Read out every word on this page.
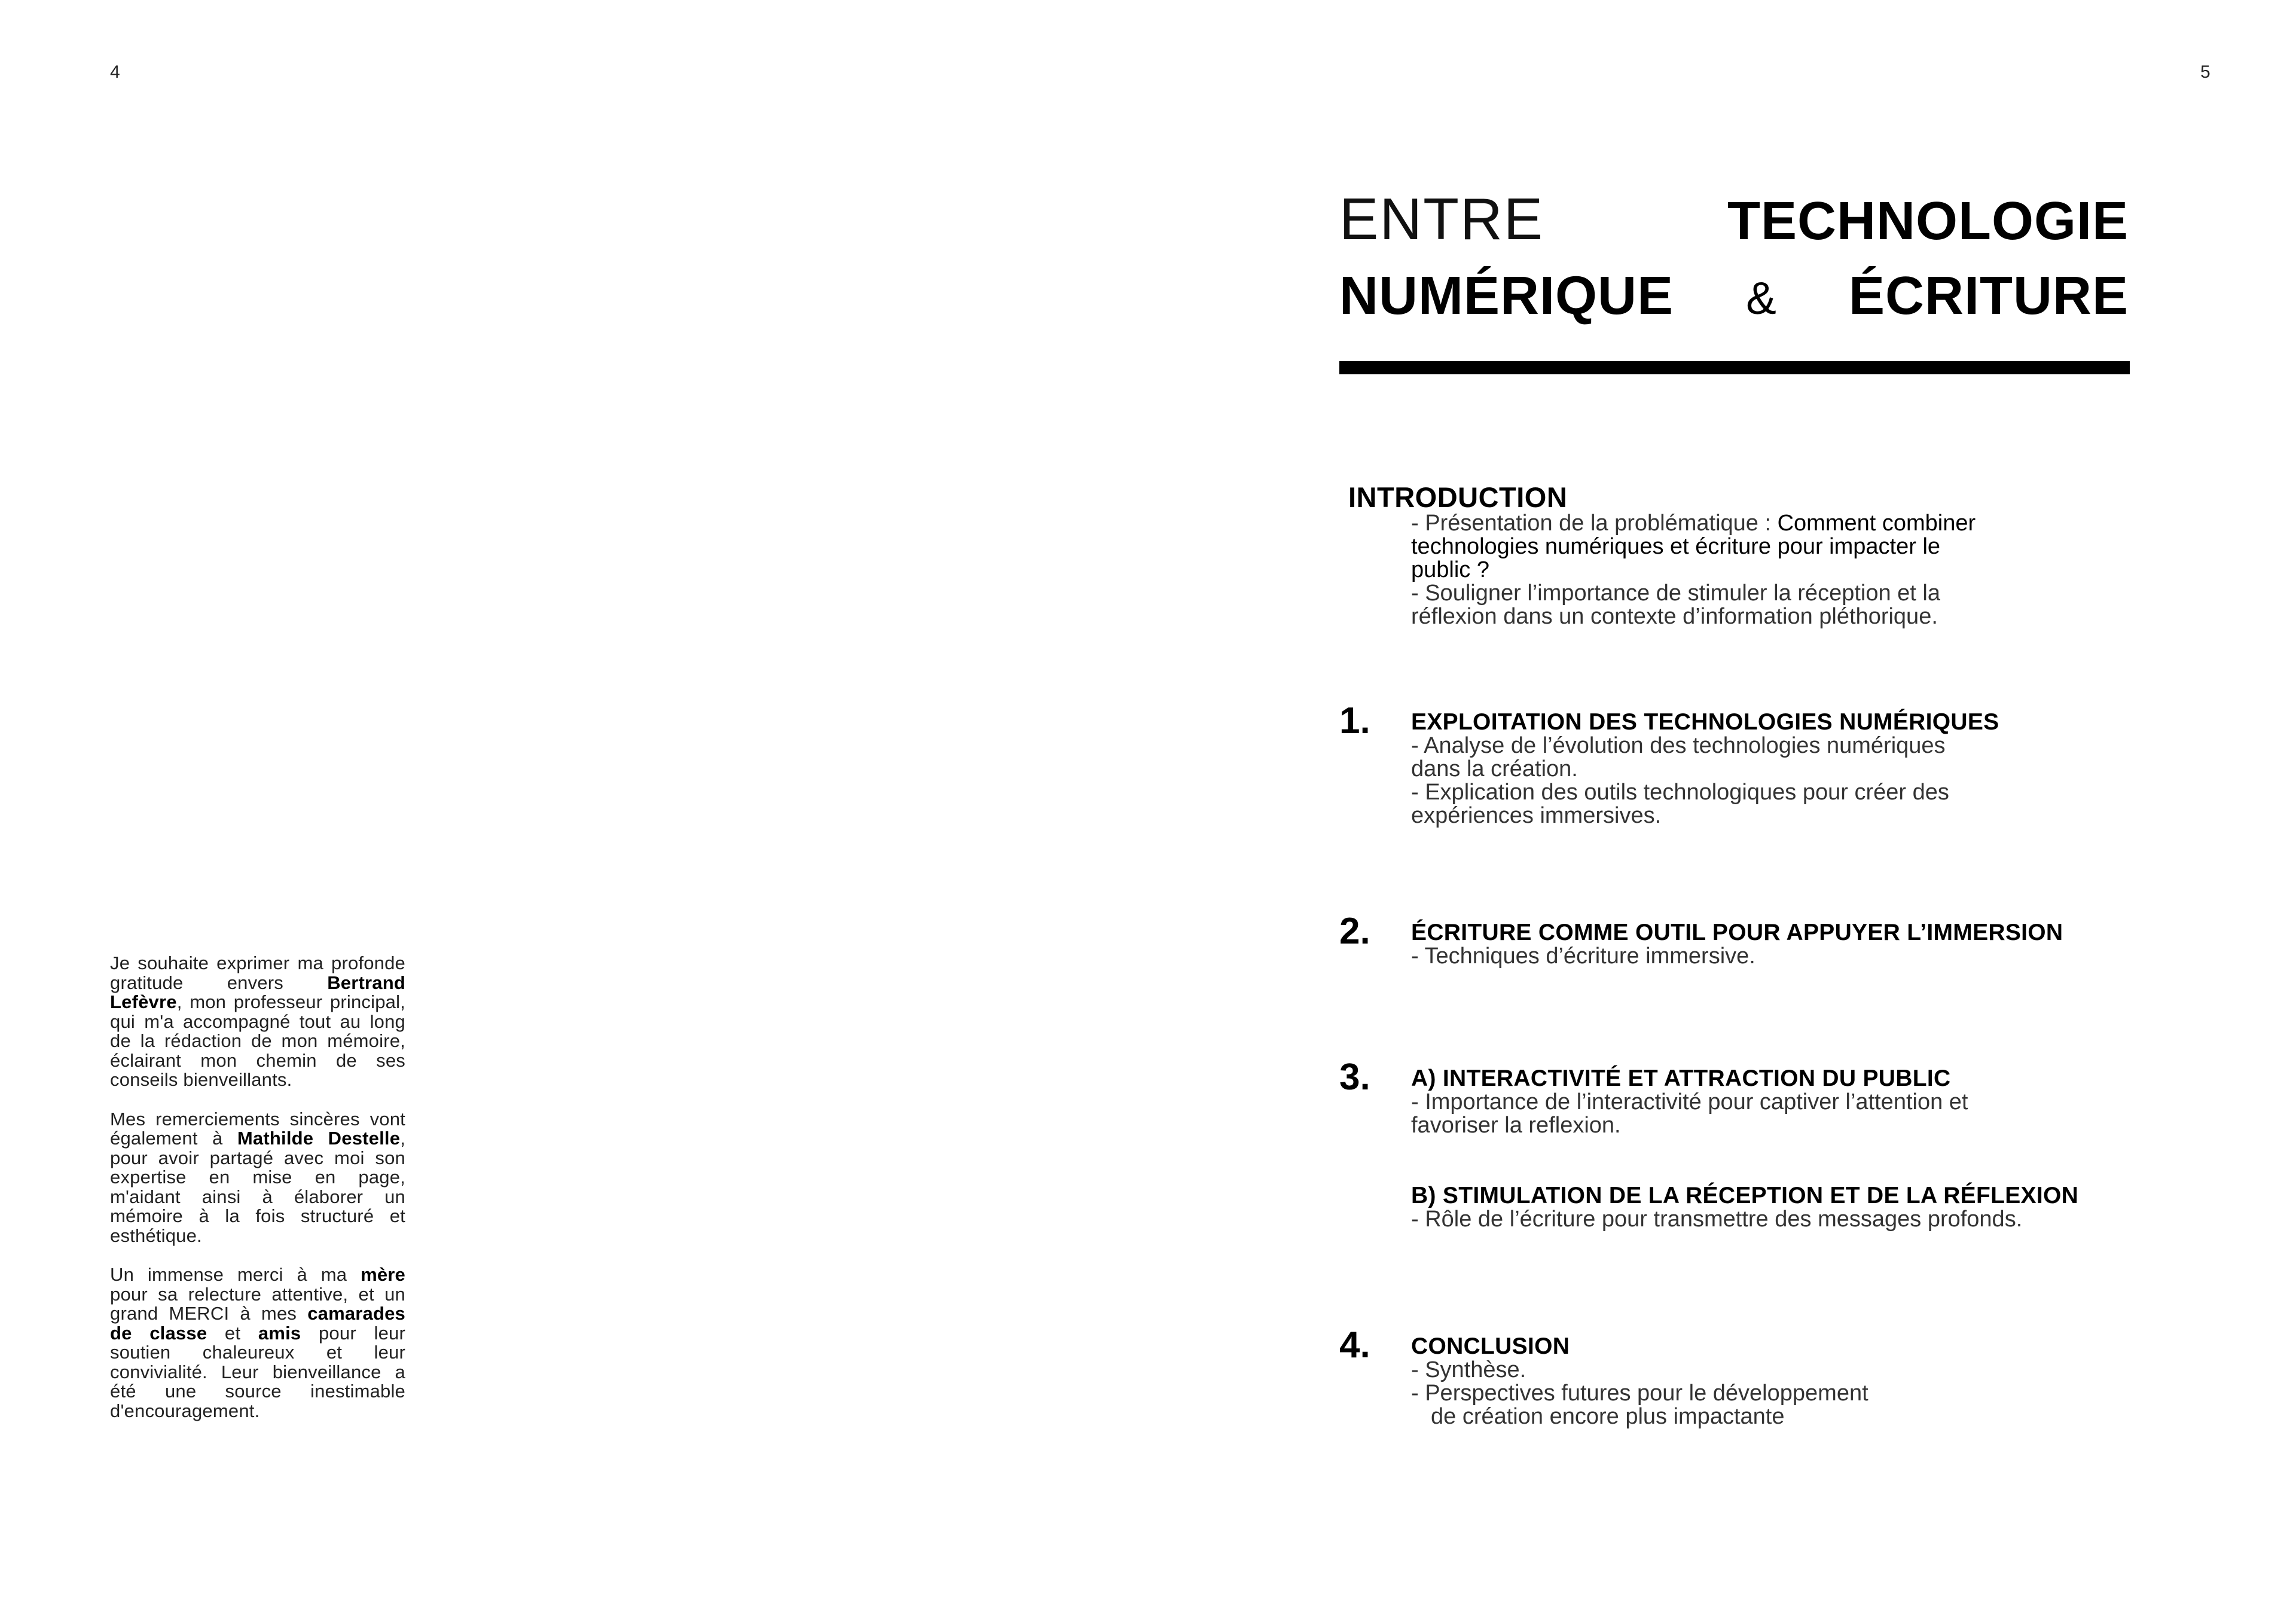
4	5

Je souhaite exprimer ma profonde gratitude envers Bertrand Lefèvre, mon professeur principal, qui m'a accompagné tout au long de la rédaction de mon mémoire, éclairant mon chemin de ses conseils bienveillants.

Mes remerciements sincères vont également à Mathilde Destelle, pour avoir partagé avec moi son expertise en mise en page, m'aidant ainsi à élaborer un mémoire à la fois structuré et esthétique.

Un immense merci à ma mère pour sa relecture attentive, et un grand MERCI à mes camarades de classe et amis pour leur soutien chaleureux et leur convivialité. Leur bienveillance a été une source inestimable d'encouragement.

ENTRE	TECHNOLOGIE
NUMÉRIQUE & ÉCRITURE
INTRODUCTION
- Présentation de la problématique : Comment combiner
technologies numériques et écriture pour impacter le
public ?
- Souligner l’importance de stimuler la réception et la
réflexion dans un contexte d’information pléthorique.
1. EXPLOITATION DES TECHNOLOGIES NUMÉRIQUES
- Analyse de l’évolution des technologies numériques
dans la création.
- Explication des outils technologiques pour créer des
expériences immersives.
2. ÉCRITURE COMME OUTIL POUR APPUYER L’IMMERSION
- Techniques d’écriture immersive.
3. A) INTERACTIVITÉ ET ATTRACTION DU PUBLIC
- Importance de l’interactivité pour captiver l’attention et
favoriser la reflexion.
B) STIMULATION DE LA RÉCEPTION ET DE LA RÉFLEXION
- Rôle de l’écriture pour transmettre des messages profonds.
4. CONCLUSION
- Synthèse.
- Perspectives futures pour le développement
de création encore plus impactante
